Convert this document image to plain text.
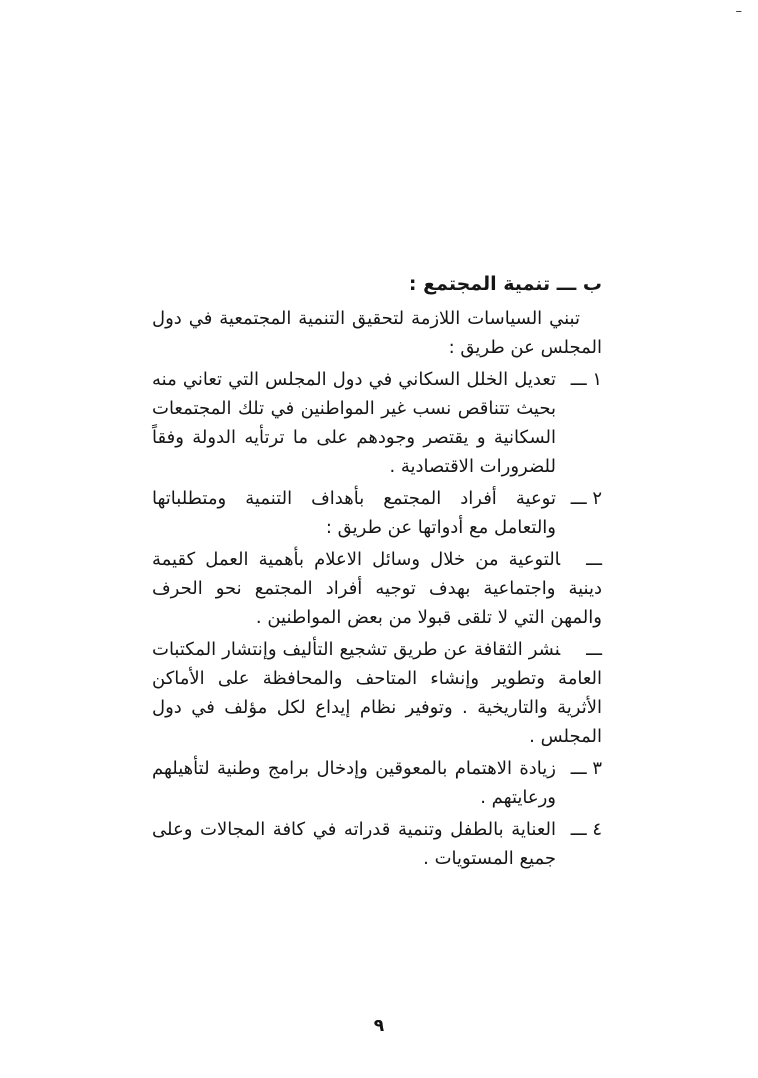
–
ب ـــ تنمية المجتمع :

تبني السياسات اللازمة لتحقيق التنمية المجتمعية في دول المجلس عن طريق :

١ ـــ
تعديل الخلل السكاني في دول المجلس التي تعاني منه بحيث تتناقص نسب غير المواطنين في تلك المجتمعات السكانية و يقتصر وجودهم على ما ترتأيه الدولة وفقاً للضرورات الاقتصادية .
٢ ـــ
توعية أفراد المجتمع بأهداف التنمية ومتطلباتها والتعامل مع أدواتها عن طريق :

ـــالتوعية من خلال وسائل الاعلام بأهمية العمل كقيمة دينية واجتماعية بهدف توجيه أفراد المجتمع نحو الحرف والمهن التي لا تلقى قبولا من بعض المواطنين .

ـــنشر الثقافة عن طريق تشجيع التأليف وإنتشار المكتبات العامة وتطوير وإنشاء المتاحف والمحافظة على الأماكن الأثرية والتاريخية . وتوفير نظام إيداع لكل مؤلف في دول المجلس .

٣ ـــ
زيادة الاهتمام بالمعوقين وإدخال برامج وطنية لتأهيلهم ورعايتهم .
٤ ـــ
العناية بالطفل وتنمية قدراته في كافة المجالات وعلى جميع المستويات .
٩
